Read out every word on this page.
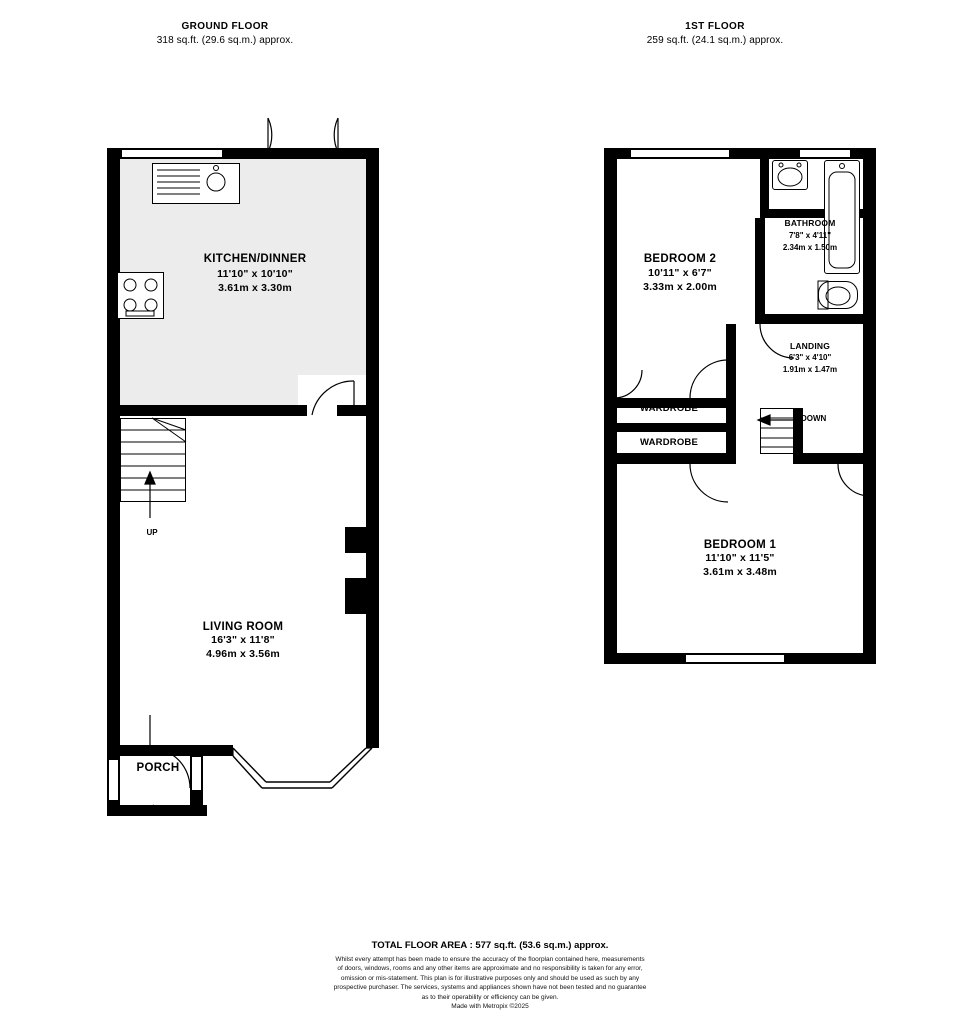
GROUND FLOOR
318 sq.ft. (29.6 sq.m.) approx.
1ST FLOOR
259 sq.ft. (24.1 sq.m.) approx.
UP
KITCHEN/DINNER
11'10" x 10'10"
3.61m x 3.30m
LIVING ROOM
16'3" x 11'8"
4.96m x 3.56m
PORCH
BEDROOM 2
10'11" x 6'7"
3.33m x 2.00m
BATHROOM
7'8" x 4'11"
2.34m x 1.50m
LANDING
6'3" x 4'10"
1.91m x 1.47m
WARDROBE
WARDROBE
DOWN
BEDROOM 1
11'10" x 11'5"
3.61m x 3.48m
TOTAL FLOOR AREA : 577 sq.ft. (53.6 sq.m.) approx.
Whilst every attempt has been made to ensure the accuracy of the floorplan contained here, measurements
of doors, windows, rooms and any other items are approximate and no responsibility is taken for any error,
omission or mis-statement. This plan is for illustrative purposes only and should be used as such by any
prospective purchaser. The services, systems and appliances shown have not been tested and no guarantee
as to their operability or efficiency can be given.
Made with Metropix ©2025
